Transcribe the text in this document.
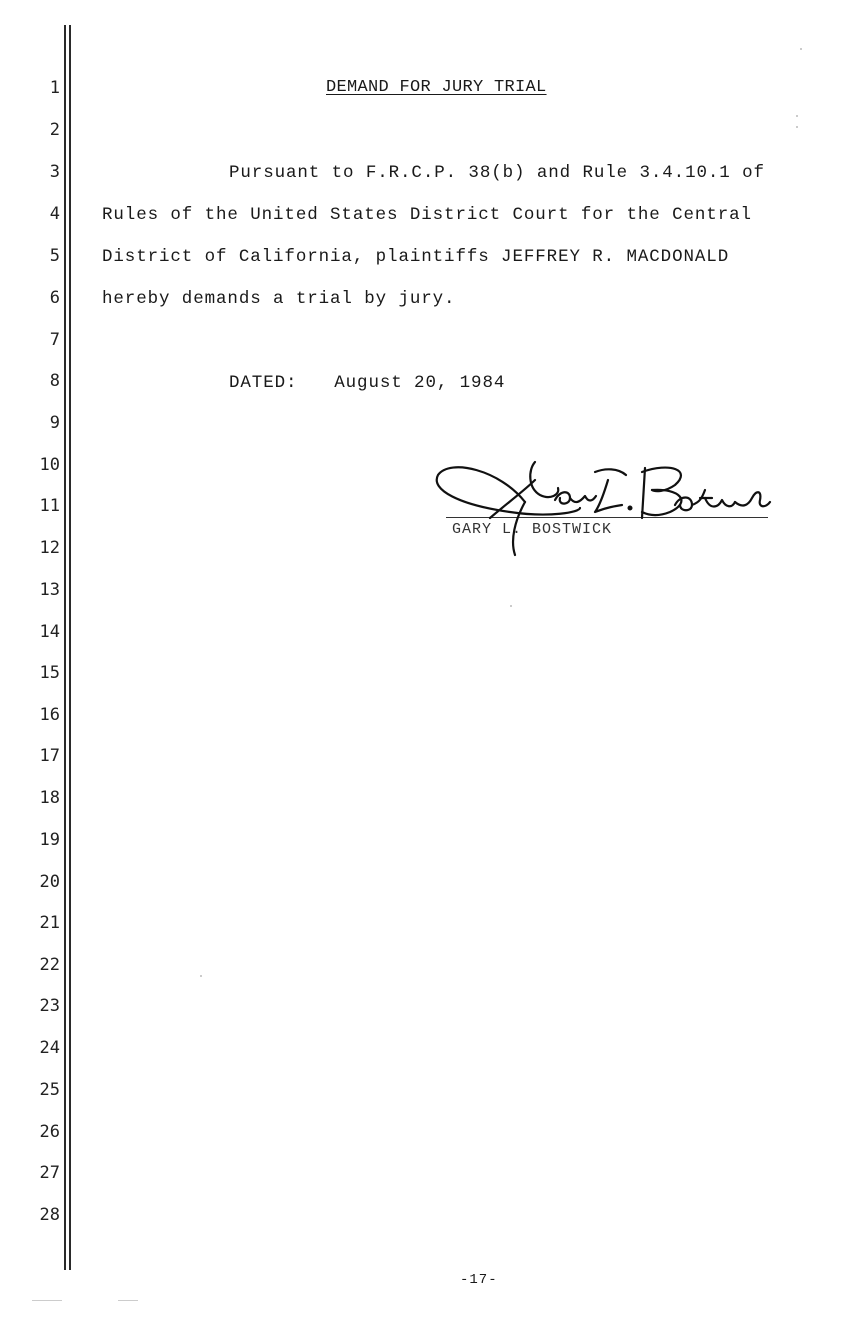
1
2
3
4
5
6
7
8
9
10
11
12
13
14
15
16
17
18
19
20
21
22
23
24
25
26
27
28
DEMAND FOR JURY TRIAL
Pursuant to F.R.C.P. 38(b) and Rule 3.4.10.1 of
Rules of the United States District Court for the Central
District of California, plaintiffs JEFFREY R. MACDONALD
hereby demands a trial by jury.
DATED: August 20, 1984
GARY L. BOSTWICK
-17-
